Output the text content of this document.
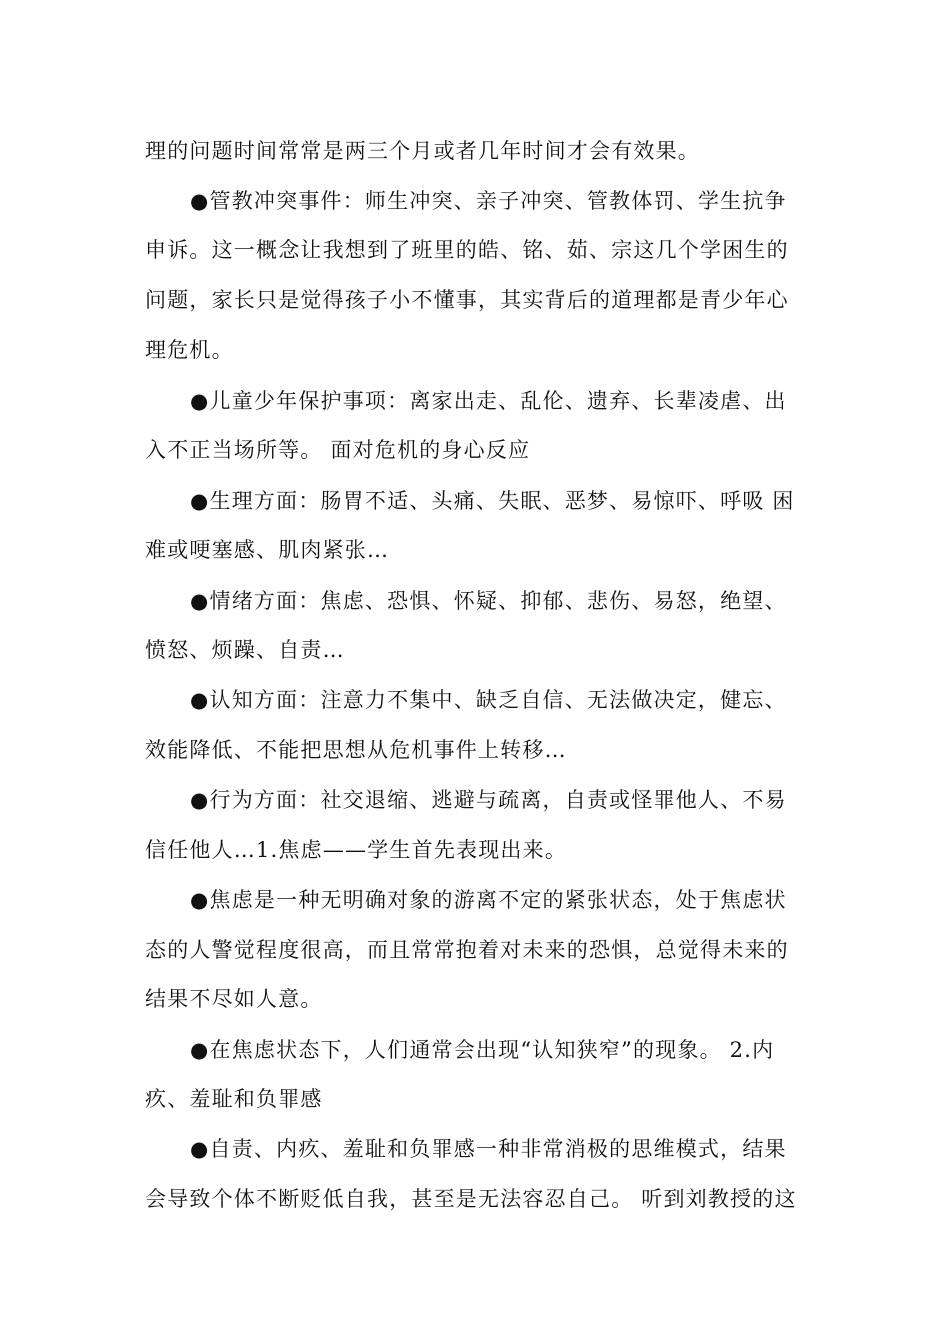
理的问题时间常常是两三个月或者几年时间才会有效果。
●管教冲突事件：师生冲突、亲子冲突、管教体罚、学生抗争
申诉。这一概念让我想到了班里的皓、铭、茹、宗这几个学困生的
问题，家长只是觉得孩子小不懂事，其实背后的道理都是青少年心
理危机。
●儿童少年保护事项：离家出走、乱伦、遗弃、长辈凌虐、出
入不正当场所等。 面对危机的身心反应
●生理方面：肠胃不适、头痛、失眠、恶梦、易惊吓、呼吸 困
难或哽塞感、肌肉紧张…
●情绪方面：焦虑、恐惧、怀疑、抑郁、悲伤、易怒，绝望、
愤怒、烦躁、自责…
●认知方面：注意力不集中、缺乏自信、无法做决定，健忘、
效能降低、不能把思想从危机事件上转移…
●行为方面：社交退缩、逃避与疏离，自责或怪罪他人、不易
信任他人…1.焦虑——学生首先表现出来。
●焦虑是一种无明确对象的游离不定的紧张状态，处于焦虑状
态的人警觉程度很高，而且常常抱着对未来的恐惧，总觉得未来的
结果不尽如人意。
●在焦虑状态下，人们通常会出现“认知狭窄”的现象。 2.内
疚、羞耻和负罪感
●自责、内疚、羞耻和负罪感一种非常消极的思维模式，结果
会导致个体不断贬低自我，甚至是无法容忍自己。 听到刘教授的这
